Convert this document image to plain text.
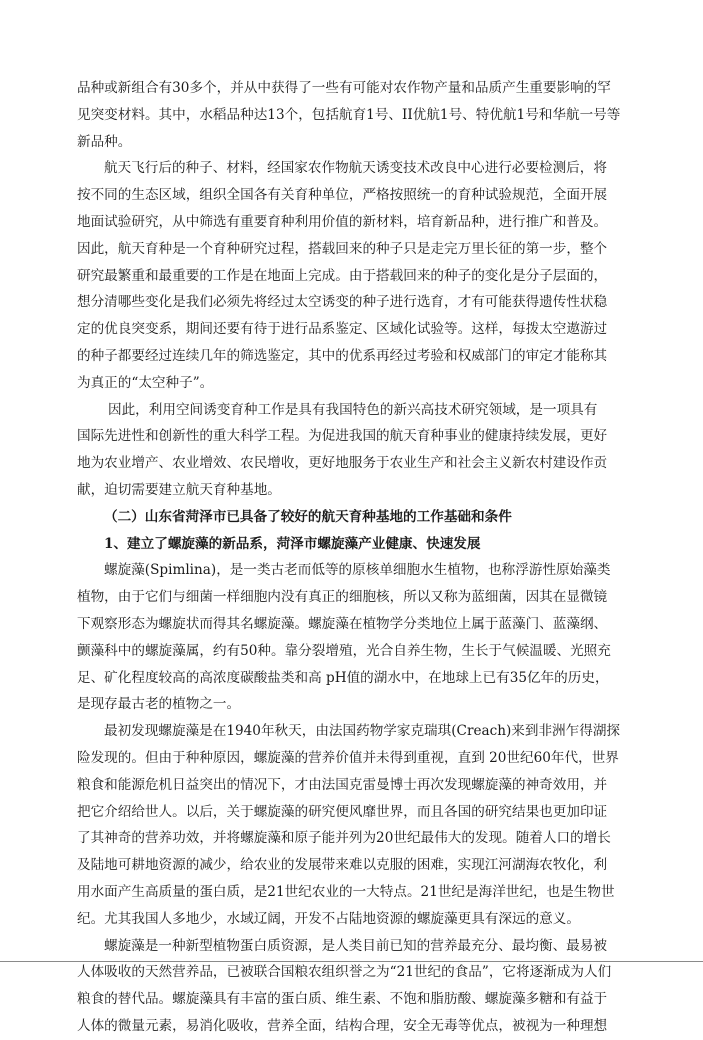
品种或新组合有30多个，并从中获得了一些有可能对农作物产量和品质产生重要影响的罕
见突变材料。其中，水稻品种达13个，包括航育1号、II优航1号、特优航1号和华航一号等
新品种。
航天飞行后的种子、材料，经国家农作物航天诱变技术改良中心进行必要检测后，将
按不同的生态区域，组织全国各有关育种单位，严格按照统一的育种试验规范，全面开展
地面试验研究，从中筛选有重要育种利用价值的新材料，培育新品种，进行推广和普及。
因此，航天育种是一个育种研究过程，搭载回来的种子只是走完万里长征的第一步，整个
研究最繁重和最重要的工作是在地面上完成。由于搭载回来的种子的变化是分子层面的，
想分清哪些变化是我们必须先将经过太空诱变的种子进行选育，才有可能获得遗传性状稳
定的优良突变系，期间还要有待于进行品系鉴定、区域化试验等。这样，每拨太空遨游过
的种子都要经过连续几年的筛选鉴定，其中的优系再经过考验和权威部门的审定才能称其
为真正的“太空种子”。
因此，利用空间诱变育种工作是具有我国特色的新兴高技术研究领域，是一项具有
国际先进性和创新性的重大科学工程。为促进我国的航天育种事业的健康持续发展，更好
地为农业增产、农业增效、农民增收，更好地服务于农业生产和社会主义新农村建设作贡
献，迫切需要建立航天育种基地。
（二）山东省菏泽市已具备了较好的航天育种基地的工作基础和条件
1、建立了螺旋藻的新品系，菏泽市螺旋藻产业健康、快速发展
螺旋藻(Spimlina)，是一类古老而低等的原核单细胞水生植物，也称浮游性原始藻类
植物，由于它们与细菌一样细胞内没有真正的细胞核，所以又称为蓝细菌，因其在显微镜
下观察形态为螺旋状而得其名螺旋藻。螺旋藻在植物学分类地位上属于蓝藻门、蓝藻纲、
颤藻科中的螺旋藻属，约有50种。靠分裂增殖，光合自养生物，生长于气候温暖、光照充
足、矿化程度较高的高浓度碳酸盐类和高 pH值的湖水中，在地球上已有35亿年的历史，
是现存最古老的植物之一。
最初发现螺旋藻是在1940年秋天，由法国药物学家克瑞琪(Creach)来到非洲乍得湖探
险发现的。但由于种种原因，螺旋藻的营养价值并未得到重视，直到 20世纪60年代，世界
粮食和能源危机日益突出的情况下，才由法国克雷曼博士再次发现螺旋藻的神奇效用，并
把它介绍给世人。以后，关于螺旋藻的研究便风靡世界，而且各国的研究结果也更加印证
了其神奇的营养功效，并将螺旋藻和原子能并列为20世纪最伟大的发现。随着人口的增长
及陆地可耕地资源的减少，给农业的发展带来难以克服的困难，实现江河湖海农牧化，利
用水面产生高质量的蛋白质，是21世纪农业的一大特点。21世纪是海洋世纪，也是生物世
纪。尤其我国人多地少，水域辽阔，开发不占陆地资源的螺旋藻更具有深远的意义。
螺旋藻是一种新型植物蛋白质资源，是人类目前已知的营养最充分、最均衡、最易被
人体吸收的天然营养品，已被联合国粮农组织誉之为“21世纪的食品”，它将逐渐成为人们
粮食的替代品。螺旋藻具有丰富的蛋白质、维生素、不饱和脂肪酸、螺旋藻多糖和有益于
人体的微量元素，易消化吸收，营养全面，结构合理，安全无毒等优点，被视为一种理想
